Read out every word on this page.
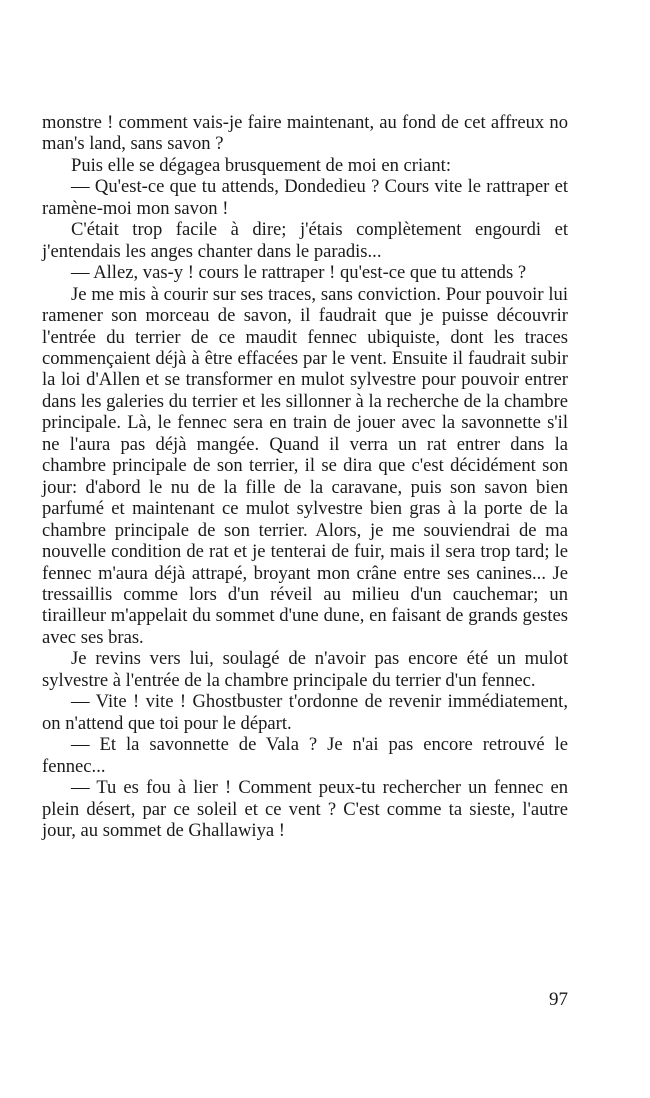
monstre ! comment vais-je faire maintenant, au fond de cet affreux no man's land, sans savon ?

Puis elle se dégagea brusquement de moi en criant:

— Qu'est-ce que tu attends, Dondedieu ? Cours vite le rattraper et ramène-moi mon savon !

C'était trop facile à dire; j'étais complètement engourdi et j'entendais les anges chanter dans le paradis...

— Allez, vas-y ! cours le rattraper ! qu'est-ce que tu attends ?

Je me mis à courir sur ses traces, sans conviction. Pour pouvoir lui ramener son morceau de savon, il faudrait que je puisse découvrir l'entrée du terrier de ce maudit fennec ubiquiste, dont les traces commençaient déjà à être effacées par le vent. Ensuite il faudrait subir la loi d'Allen et se transformer en mulot sylvestre pour pouvoir entrer dans les galeries du terrier et les sillonner à la recherche de la chambre principale. Là, le fennec sera en train de jouer avec la savonnette s'il ne l'aura pas déjà mangée. Quand il verra un rat entrer dans la chambre principale de son terrier, il se dira que c'est décidément son jour: d'abord le nu de la fille de la caravane, puis son savon bien parfumé et maintenant ce mulot sylvestre bien gras à la porte de la chambre principale de son terrier. Alors, je me souviendrai de ma nouvelle condition de rat et je tenterai de fuir, mais il sera trop tard; le fennec m'aura déjà attrapé, broyant mon crâne entre ses canines... Je tressaillis comme lors d'un réveil au milieu d'un cauchemar; un tirailleur m'appelait du sommet d'une dune, en faisant de grands gestes avec ses bras.

Je revins vers lui, soulagé de n'avoir pas encore été un mulot sylvestre à l'entrée de la chambre principale du terrier d'un fennec.

— Vite ! vite ! Ghostbuster t'ordonne de revenir immédiatement, on n'attend que toi pour le départ.

— Et la savonnette de Vala ? Je n'ai pas encore retrouvé le fennec...

— Tu es fou à lier ! Comment peux-tu rechercher un fennec en plein désert, par ce soleil et ce vent ? C'est comme ta sieste, l'autre jour, au sommet de Ghallawiya !

97
